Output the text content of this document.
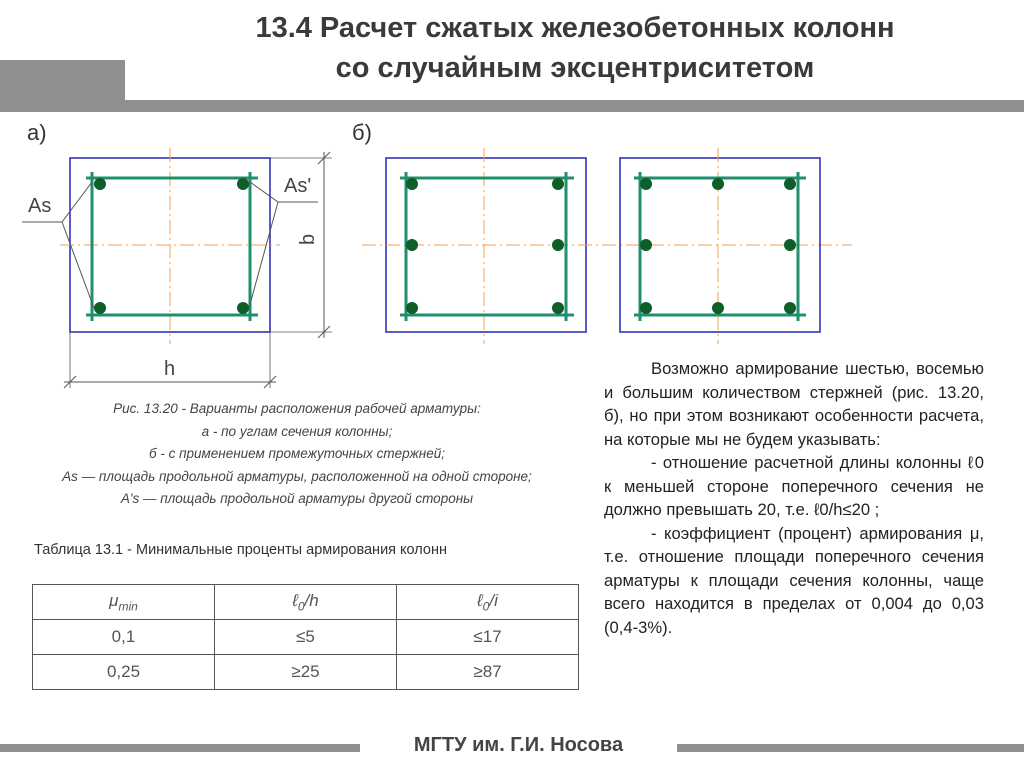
13.4 Расчет сжатых железобетонных колонн
со случайным эксцентриситетом
а)	б)
As
As'
b
h
Рис. 13.20 - Варианты расположения рабочей арматуры:
а - по углам сечения колонны;
б - с применением промежуточных стержней;
Аs — площадь продольной арматуры, расположенной на одной стороне;
А's — площадь продольной арматуры другой стороны
Таблица 13.1 - Минимальные проценты армирования колонн
$\mu_{min}$	ℓ$_0$/h	ℓ$_0$/i
0,1	≤5	≤17
0,25	≥25	≥87

Возможно армирование шестью, восемью и большим количеством стержней (рис. 13.20, б), но при этом возникают особенности расчета, на которые мы не будем указывать:

- отношение расчетной длины колонны ℓ0 к меньшей стороне поперечного сечения не должно превышать 20, т.е. ℓ0/h≤20 ;

- коэффициент (процент) армирования μ, т.е. отношение площади поперечного сечения арматуры к площади сечения колонны, чаще всего находится в пределах от 0,004 до 0,03 (0,4-3%).

МГТУ им. Г.И. Носова
